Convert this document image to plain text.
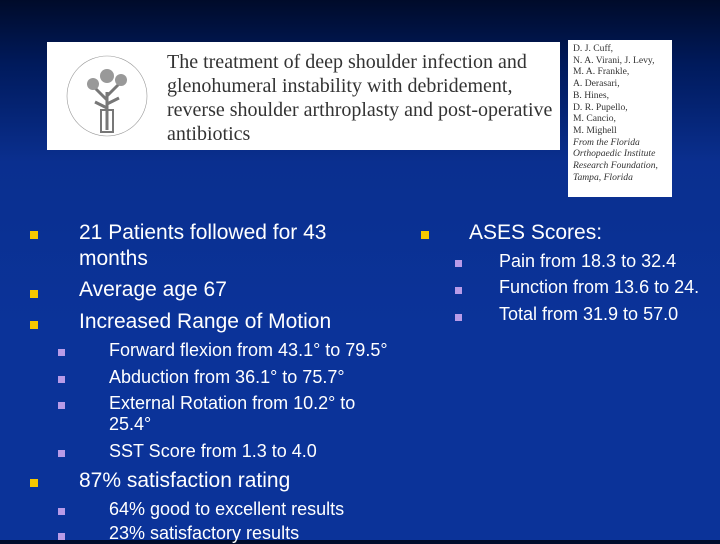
The treatment of deep shoulder infection and glenohumeral instability with debridement, reverse shoulder arthroplasty and post-operative antibiotics
D. J. Cuff,
N. A. Virani, J. Levy,
M. A. Frankle,
A. Derasari,
B. Hines,
D. R. Pupello,
M. Cancio,
M. Mighell
From the Florida
Orthopaedic Institute
Research Foundation,
Tampa, Florida
21 Patients followed for 43
months
Average age 67
Increased Range of Motion
Forward flexion from 43.1° to 79.5°
Abduction from 36.1° to 75.7°
External Rotation from 10.2° to
25.4°
SST Score from 1.3 to 4.0
87% satisfaction rating
64% good to excellent results
23% satisfactory results
ASES Scores:
Pain from 18.3 to 32.4
Function from 13.6 to 24.
Total from 31.9 to 57.0
